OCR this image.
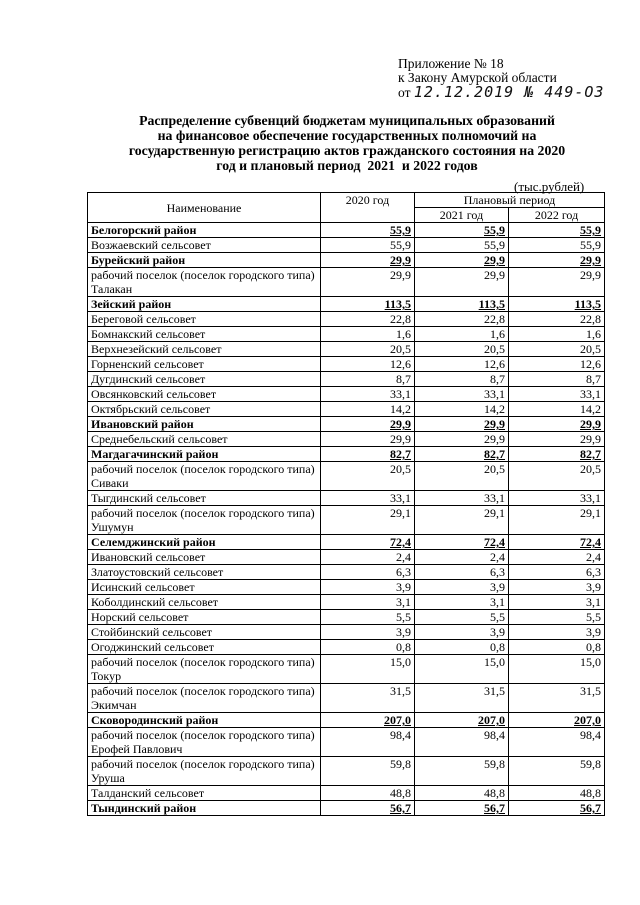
Приложение № 18
к Закону Амурской области
от 12.12.2019 № 449-ОЗ
Распределение субвенций бюджетам муниципальных образований
на финансовое обеспечение государственных полномочий на
государственную регистрацию актов гражданского состояния на 2020
год и плановый период  2021  и 2022 годов
(тыс.рублей)
Наименование	2020 год	Плановый период	
		2021 год	2022 год
Белогорский район	55,9	55,9	55,9
Возжаевский сельсовет	55,9	55,9	55,9
Бурейский район	29,9	29,9	29,9
рабочий поселок (поселок городского типа) Талакан	29,9	29,9	29,9
Зейский район	113,5	113,5	113,5
Береговой сельсовет	22,8	22,8	22,8
Бомнакский сельсовет	1,6	1,6	1,6
Верхнезейский сельсовет	20,5	20,5	20,5
Горненский сельсовет	12,6	12,6	12,6
Дугдинский сельсовет	8,7	8,7	8,7
Овсянковский сельсовет	33,1	33,1	33,1
Октябрьский сельсовет	14,2	14,2	14,2
Ивановский район	29,9	29,9	29,9
Среднебельский сельсовет	29,9	29,9	29,9
Магдагачинский район	82,7	82,7	82,7
рабочий поселок (поселок городского типа) Сиваки	20,5	20,5	20,5
Тыгдинский сельсовет	33,1	33,1	33,1
рабочий поселок (поселок городского типа) Ушумун	29,1	29,1	29,1
Селемджинский район	72,4	72,4	72,4
Ивановский сельсовет	2,4	2,4	2,4
Златоустовский сельсовет	6,3	6,3	6,3
Исинский сельсовет	3,9	3,9	3,9
Коболдинский сельсовет	3,1	3,1	3,1
Норский сельсовет	5,5	5,5	5,5
Стойбинский сельсовет	3,9	3,9	3,9
Огоджинский сельсовет	0,8	0,8	0,8
рабочий поселок (поселок городского типа) Токур	15,0	15,0	15,0
рабочий поселок (поселок городского типа) Экимчан	31,5	31,5	31,5
Сковородинский район	207,0	207,0	207,0
рабочий поселок (поселок городского типа) Ерофей Павлович	98,4	98,4	98,4
рабочий поселок (поселок городского типа) Уруша	59,8	59,8	59,8
Талданский сельсовет	48,8	48,8	48,8
Тындинский район	56,7	56,7	56,7
